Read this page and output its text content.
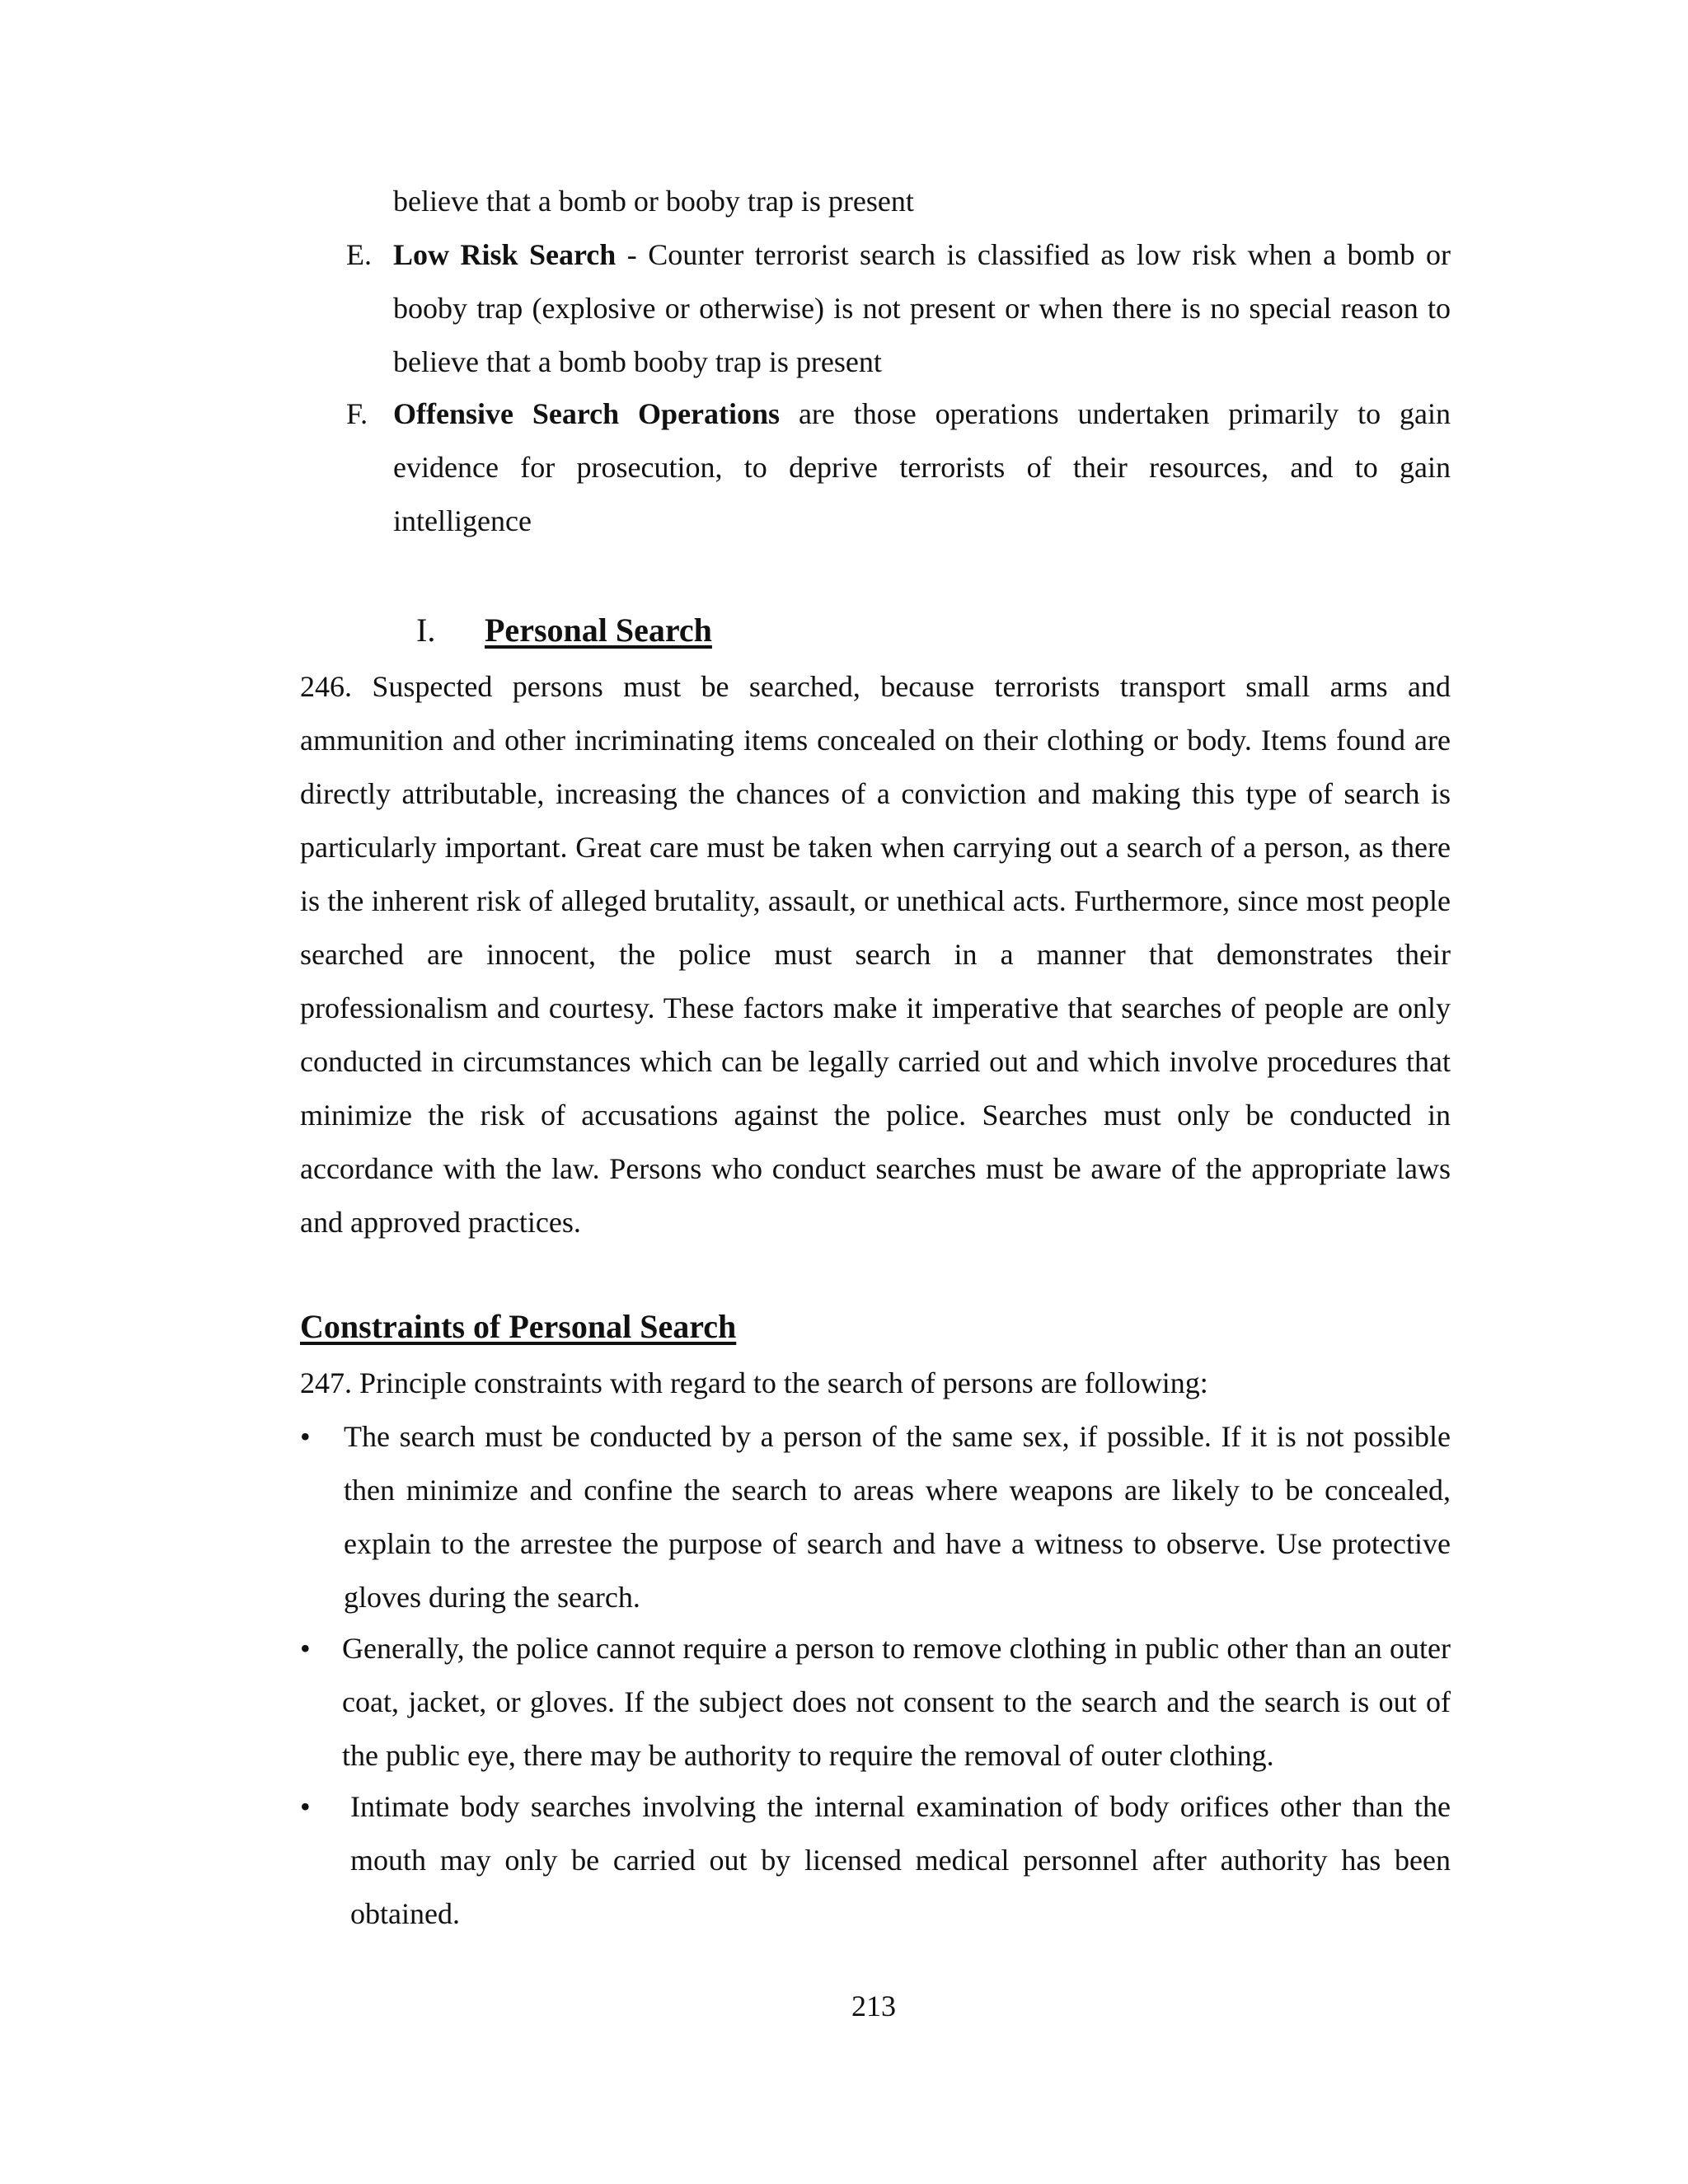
believe that a bomb or booby trap is present
E. Low Risk Search - Counter terrorist search is classified as low risk when a bomb or booby trap (explosive or otherwise) is not present or when there is no special reason to believe that a bomb booby trap is present
F. Offensive Search Operations are those operations undertaken primarily to gain evidence for prosecution, to deprive terrorists of their resources, and to gain intelligence
I. Personal Search
246. Suspected persons must be searched, because terrorists transport small arms and ammunition and other incriminating items concealed on their clothing or body. Items found are directly attributable, increasing the chances of a conviction and making this type of search is particularly important. Great care must be taken when carrying out a search of a person, as there is the inherent risk of alleged brutality, assault, or unethical acts. Furthermore, since most people searched are innocent, the police must search in a manner that demonstrates their professionalism and courtesy. These factors make it imperative that searches of people are only conducted in circumstances which can be legally carried out and which involve procedures that minimize the risk of accusations against the police. Searches must only be conducted in accordance with the law. Persons who conduct searches must be aware of the appropriate laws and approved practices.
Constraints of Personal Search
247. Principle constraints with regard to the search of persons are following:
• The search must be conducted by a person of the same sex, if possible. If it is not possible then minimize and confine the search to areas where weapons are likely to be concealed, explain to the arrestee the purpose of search and have a witness to observe. Use protective gloves during the search.
• Generally, the police cannot require a person to remove clothing in public other than an outer coat, jacket, or gloves. If the subject does not consent to the search and the search is out of the public eye, there may be authority to require the removal of outer clothing.
• Intimate body searches involving the internal examination of body orifices other than the mouth may only be carried out by licensed medical personnel after authority has been obtained.
213
